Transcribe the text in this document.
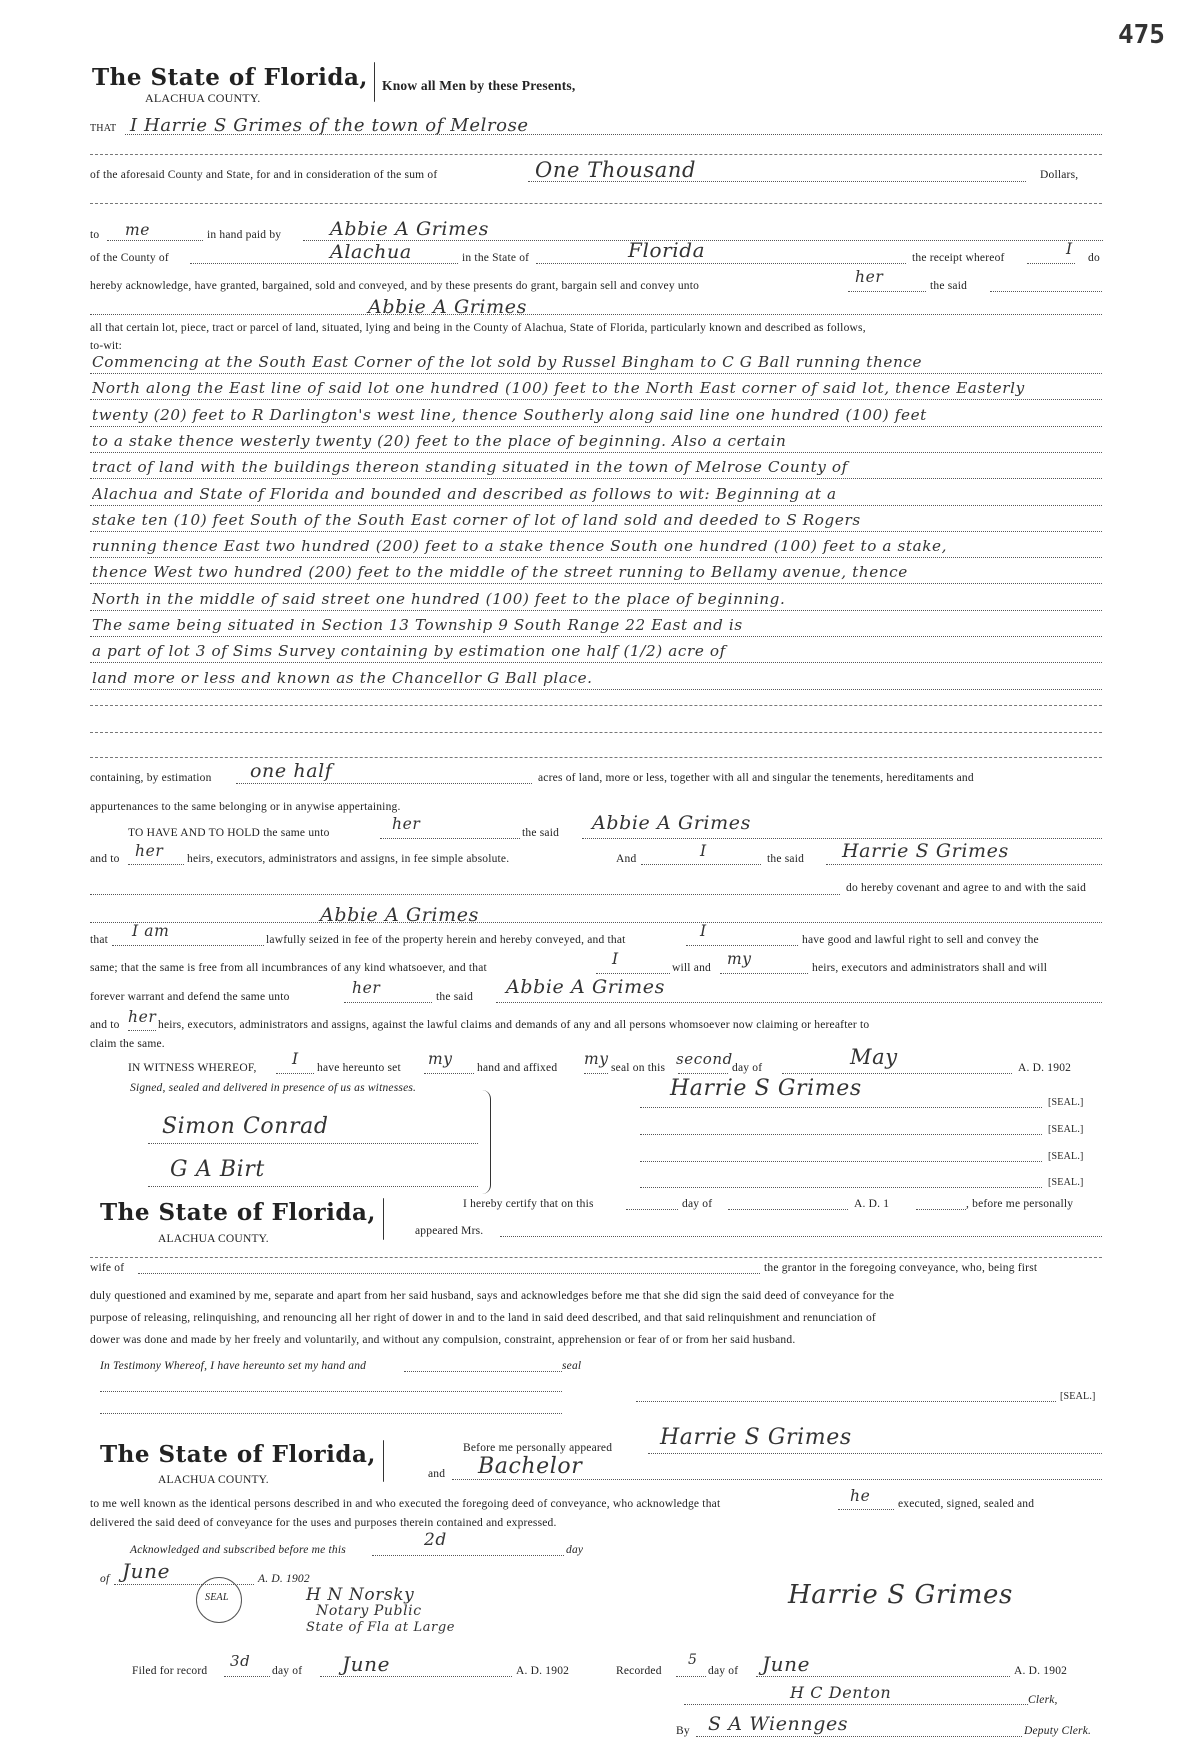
475
The State of Florida, Know all Men by these Presents,
ALACHUA COUNTY.
THAT I Harrie S Grimes of the town of Melrose
of the aforesaid County and State, for and in consideration of the sum of	One Thousand	Dollars,
to me	in hand paid by	Abbie A Grimes
of the County of	Alachua	in the State of	Florida	the receipt whereof	I do
hereby acknowledge, have granted, bargained, sold and conveyed, and by these presents do grant, bargain sell and convey unto	her	the said
Abbie A Grimes
all that certain lot, piece, tract or parcel of land, situated, lying and being in the County of Alachua, State of Florida, particularly known and described as follows,
to-wit:
Commencing at the South East Corner of the lot sold by Russel Bingham to C G Ball running thence
North along the East line of said lot one hundred (100) feet to the North East corner of said lot, thence Easterly
twenty (20) feet to R Darlington's west line, thence Southerly along said line one hundred (100) feet
to a stake thence westerly twenty (20) feet to the place of beginning. Also a certain
tract of land with the buildings thereon standing situated in the town of Melrose County of
Alachua and State of Florida and bounded and described as follows to wit: Beginning at a
stake ten (10) feet South of the South East corner of lot of land sold and deeded to S Rogers
running thence East two hundred (200) feet to a stake thence South one hundred (100) feet to a stake,
thence West two hundred (200) feet to the middle of the street running to Bellamy avenue, thence
North in the middle of said street one hundred (100) feet to the place of beginning.
The same being situated in Section 13 Township 9 South Range 22 East and is
a part of lot 3 of Sims Survey containing by estimation one half (1/2) acre of
land more or less and known as the Chancellor G Ball place.
containing, by estimation one half	acres of land, more or less, together with all and singular the tenements, hereditaments and
appurtenances to the same belonging or in anywise appertaining.
TO HAVE AND TO HOLD the same unto	her	the said Abbie A Grimes
and to her heirs, executors, administrators and assigns, in fee simple absolute.	And	I	the said Harrie S Grimes
do hereby covenant and agree to and with the said
Abbie A Grimes
that I am	lawfully seized in fee of the property herein and hereby conveyed, and that	I	have good and lawful right to sell and convey the
same; that the same is free from all incumbrances of any kind whatsoever, and that	I	will and my	heirs, executors and administrators shall and will
forever warrant and defend the same unto	her	the said Abbie A Grimes
and to her heirs, executors, administrators and assigns, against the lawful claims and demands of any and all persons whomsoever now claiming or hereafter to
claim the same.
IN WITNESS WHEREOF, I have hereunto set my hand and affixed my seal on this second day of	May	A. D. 1902
Signed, sealed and delivered in presence of us as witnesses.	Harrie S Grimes
[SEAL.]
[SEAL.]
[SEAL.]
[SEAL.]
Simon Conrad
G A Birt
The State of Florida,
ALACHUA COUNTY.
I hereby certify that on this	day of	A. D. 1	, before me personally
appeared Mrs.
wife of	the grantor in the foregoing conveyance, who, being first
duly questioned and examined by me, separate and apart from her said husband, says and acknowledges before me that she did sign the said deed of conveyance for the
purpose of releasing, relinquishing, and renouncing all her right of dower in and to the land in said deed described, and that said relinquishment and renunciation of
dower was done and made by her freely and voluntarily, and without any compulsion, constraint, apprehension or fear of or from her said husband.
In Testimony Whereof, I have hereunto set my hand and	seal
[SEAL.]
The State of Florida,
ALACHUA COUNTY.
Before me personally appeared Harrie S Grimes
and Bachelor
to me well known as the identical persons described in and who executed the foregoing deed of conveyance, who acknowledge that	he executed, signed, sealed and
delivered the said deed of conveyance for the uses and purposes therein contained and expressed.
Acknowledged and subscribed before me this	2d	day
of June	A. D. 1902
SEAL	H N Norsky
Notary Public
State of Fla at Large
Harrie S Grimes
Filed for record
3d
day of June	A. D. 1902	Recorded
5
day of June	A. D. 1902
H C Denton	Clerk,
By S A Wiennges	Deputy Clerk.
